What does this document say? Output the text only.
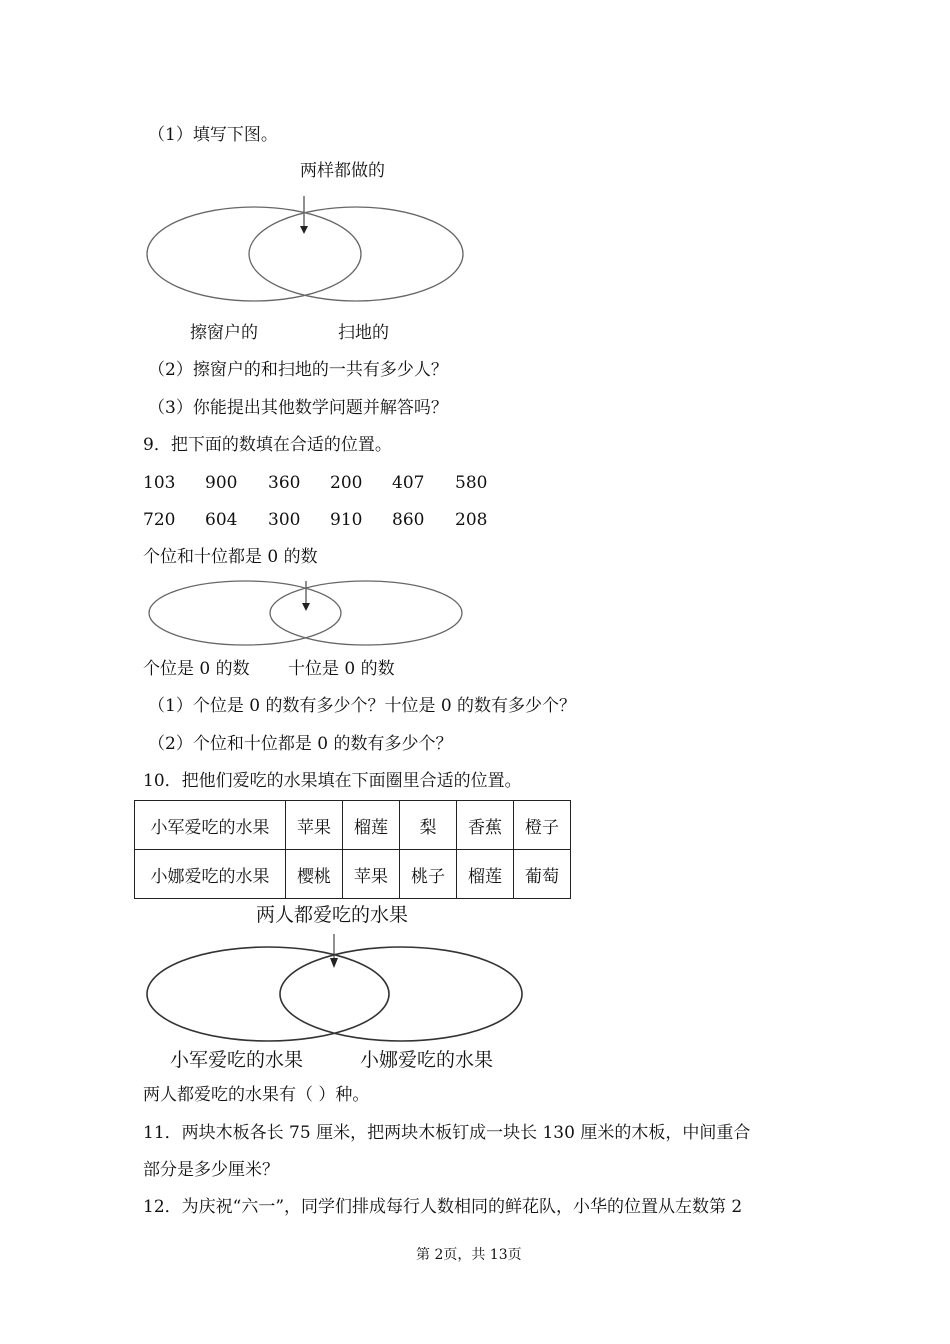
（1）填写下图。
两样都做的
擦窗户的	扫地的
（2）擦窗户的和扫地的一共有多少人？
（3）你能提出其他数学问题并解答吗？
9．把下面的数填在合适的位置。
103 900 360 200 407 580
720 604 300 910 860 208
个位和十位都是 0 的数
个位是 0 的数 十位是 0 的数
（1）个位是 0 的数有多少个？十位是 0 的数有多少个？
（2）个位和十位都是 0 的数有多少个？
10．把他们爱吃的水果填在下面圈里合适的位置。
小军爱吃的水果	苹果	榴莲	梨	香蕉	橙子
小娜爱吃的水果	樱桃	苹果	桃子	榴莲	葡萄
两人都爱吃的水果
小军爱吃的水果	小娜爱吃的水果
两人都爱吃的水果有（ ）种。
11．两块木板各长 75 厘米，把两块木板钉成一块长 130 厘米的木板，中间重合
部分是多少厘米？
12．为庆祝“六一”，同学们排成每行人数相同的鲜花队，小华的位置从左数第 2
第 2页，共 13页
